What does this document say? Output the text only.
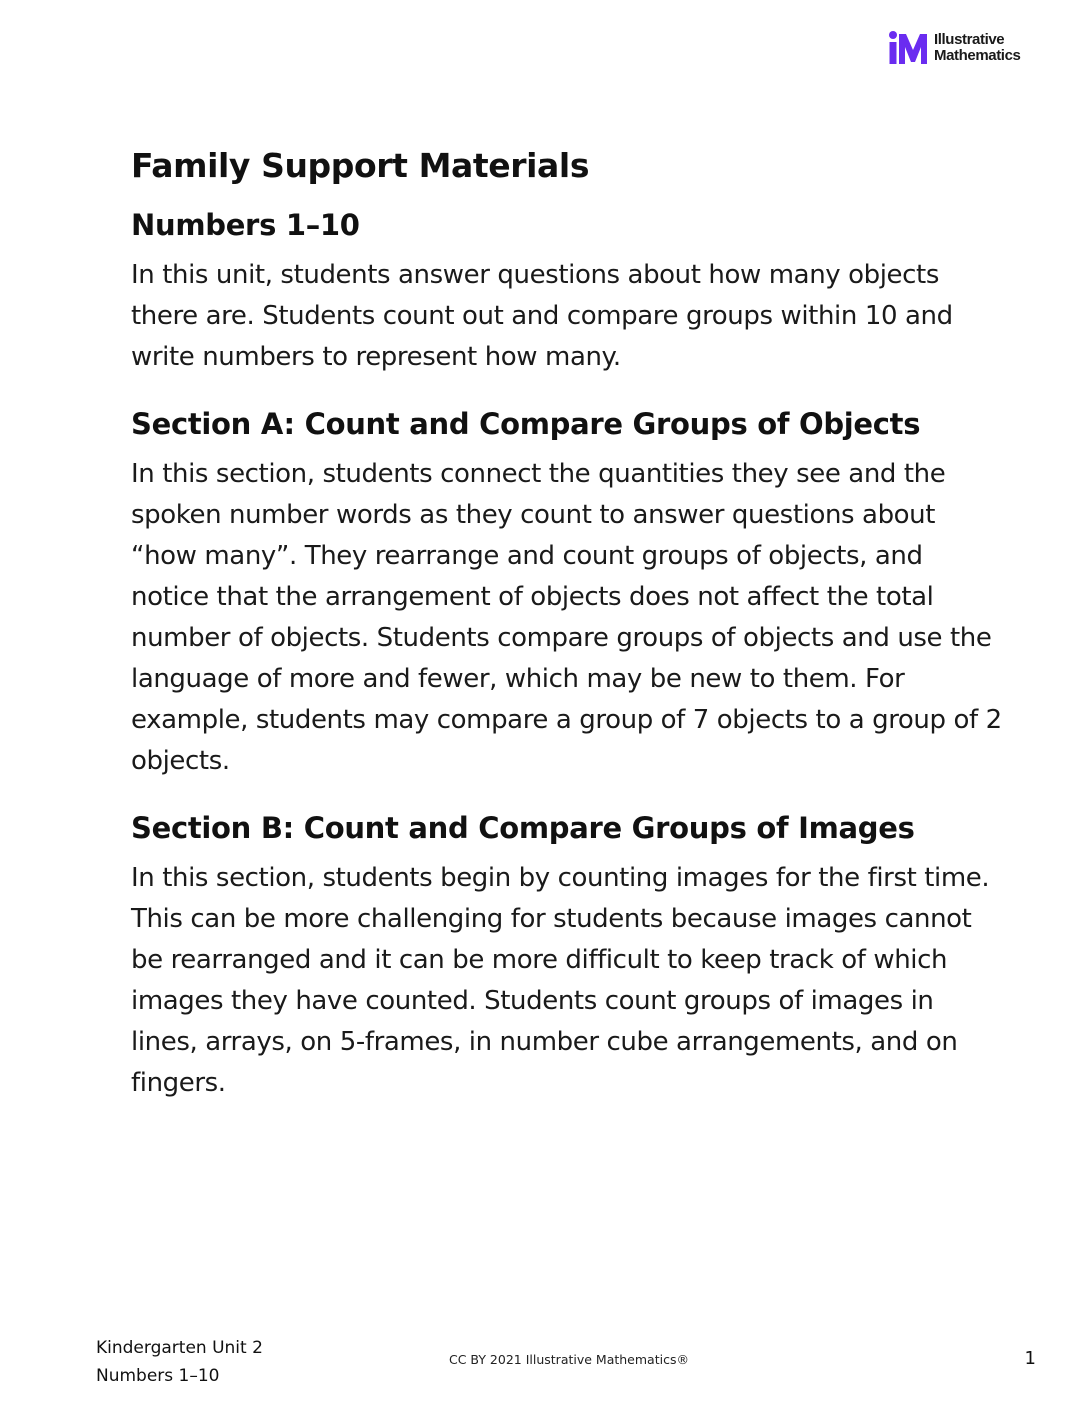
Illustrative
Mathematics
Family Support Materials
Numbers 1–10

In this unit, students answer questions about how many objects there are. Students count out and compare groups within 10 and write numbers to represent how many.

Section A: Count and Compare Groups of Objects

In this section, students connect the quantities they see and the spoken number words as they count to answer questions about “how many”. They rearrange and count groups of objects, and notice that the arrangement of objects does not affect the total number of objects. Students compare groups of objects and use the language of more and fewer, which may be new to them. For example, students may compare a group of 7 objects to a group of 2 objects.

Section B: Count and Compare Groups of Images

In this section, students begin by counting images for the first time. This can be more challenging for students because images cannot be rearranged and it can be more difficult to keep track of which images they have counted. Students count groups of images in lines, arrays, on 5-frames, in number cube arrangements, and on fingers.

Kindergarten Unit 2
Numbers 1–10
CC BY 2021 Illustrative Mathematics®	1
